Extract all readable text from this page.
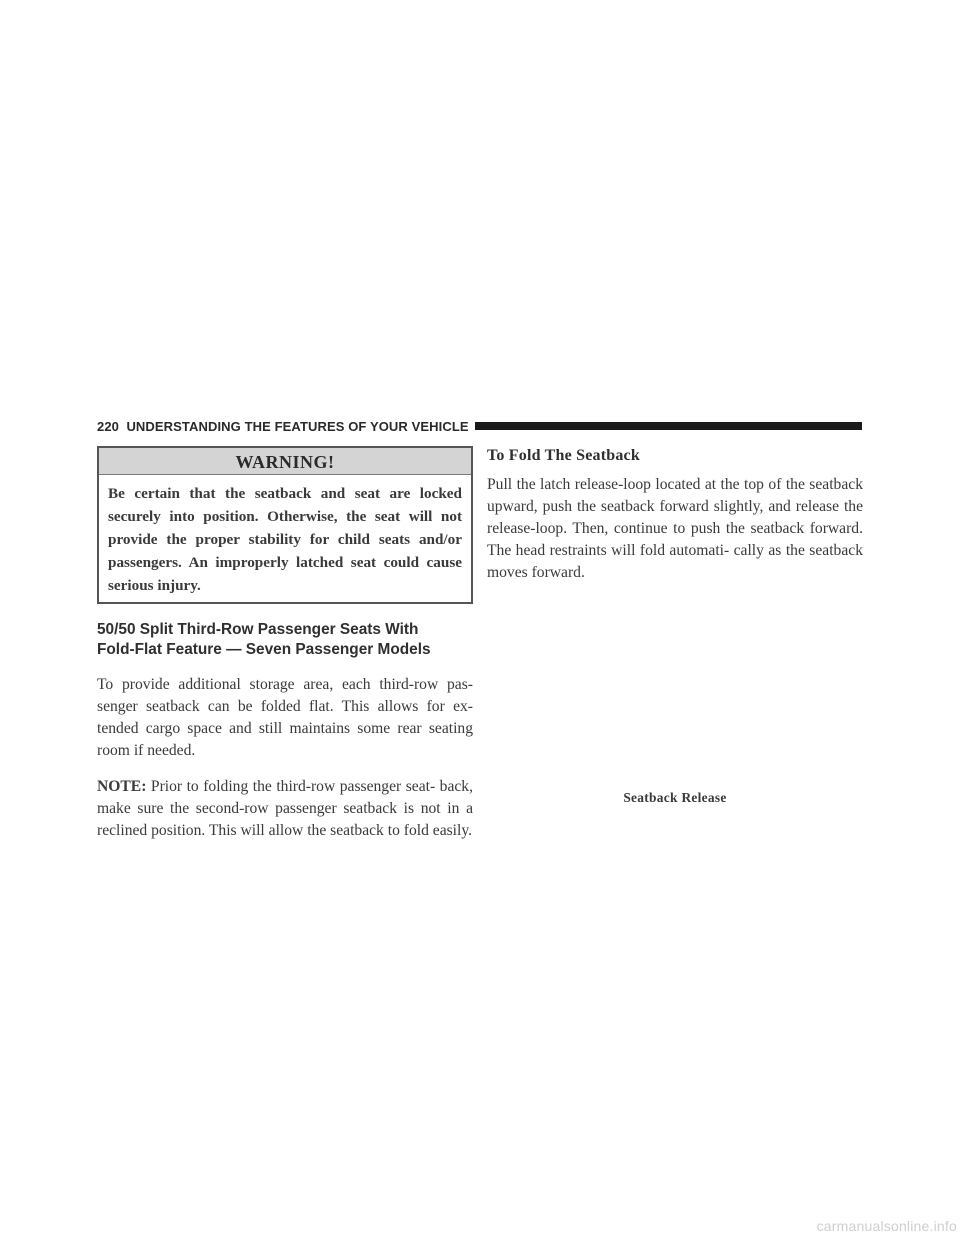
220 UNDERSTANDING THE FEATURES OF YOUR VEHICLE
WARNING!
Be certain that the seatback and seat are locked securely into position. Otherwise, the seat will not provide the proper stability for child seats and/or passengers. An improperly latched seat could cause serious injury.
50/50 Split Third-Row Passenger Seats With
Fold-Flat Feature — Seven Passenger Models

To provide additional storage area, each third-row pas- senger seatback can be folded flat. This allows for ex- tended cargo space and still maintains some rear seating room if needed.

NOTE: Prior to folding the third-row passenger seat- back, make sure the second-row passenger seatback is not in a reclined position. This will allow the seatback to fold easily.

To Fold The Seatback

Pull the latch release-loop located at the top of the seatback upward, push the seatback forward slightly, and release the release-loop. Then, continue to push the seatback forward. The head restraints will fold automati- cally as the seatback moves forward.

Seatback Release
carmanualsonline.info
